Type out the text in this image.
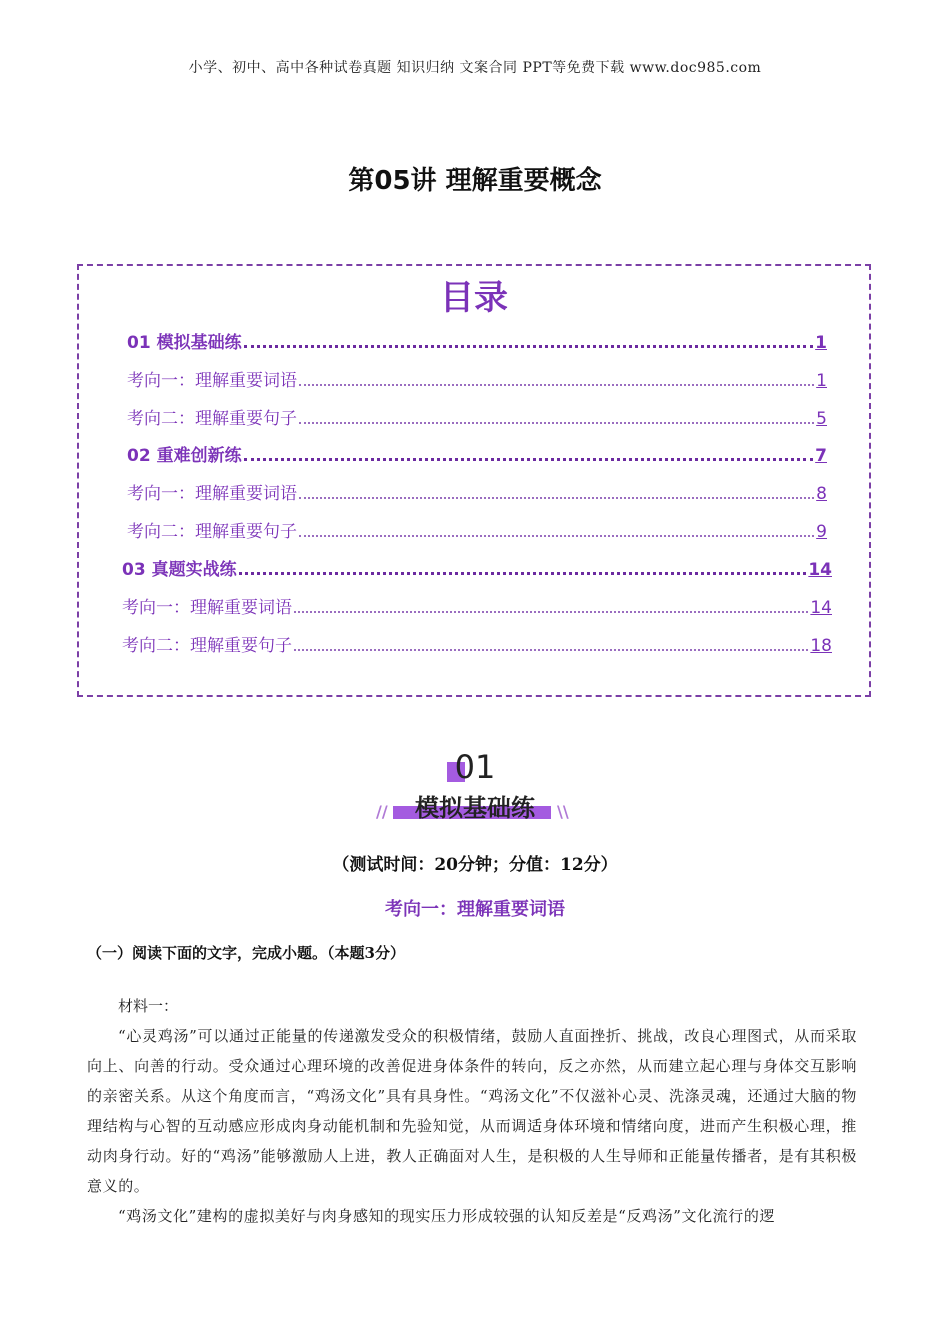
小学、初中、高中各种试卷真题 知识归纳 文案合同 PPT等免费下载 www.doc985.com
第05讲 理解重要概念
目录
01 模拟基础练	1
考向一：理解重要词语	1
考向二：理解重要句子	5
02 重难创新练	7
考向一：理解重要词语	8
考向二：理解重要句子	9
03 真题实战练	14
考向一：理解重要词语	14
考向二：理解重要句子	18
01
//	\\
模拟基础练
（测试时间：20分钟；分值：12分）
考向一：理解重要词语
（一）阅读下面的文字，完成小题。（本题3分）
材料一：
“心灵鸡汤”可以通过正能量的传递激发受众的积极情绪，鼓励人直面挫折、挑战，改良心理图式，从而采取向上、向善的行动。受众通过心理环境的改善促进身体条件的转向，反之亦然，从而建立起心理与身体交互影响的亲密关系。从这个角度而言，“鸡汤文化”具有具身性。“鸡汤文化”不仅滋补心灵、洗涤灵魂，还通过大脑的物理结构与心智的互动感应形成肉身动能机制和先验知觉，从而调适身体环境和情绪向度，进而产生积极心理，推动肉身行动。好的“鸡汤”能够激励人上进，教人正确面对人生，是积极的人生导师和正能量传播者，是有其积极意义的。
“鸡汤文化”建构的虚拟美好与肉身感知的现实压力形成较强的认知反差是“反鸡汤”文化流行的逻
